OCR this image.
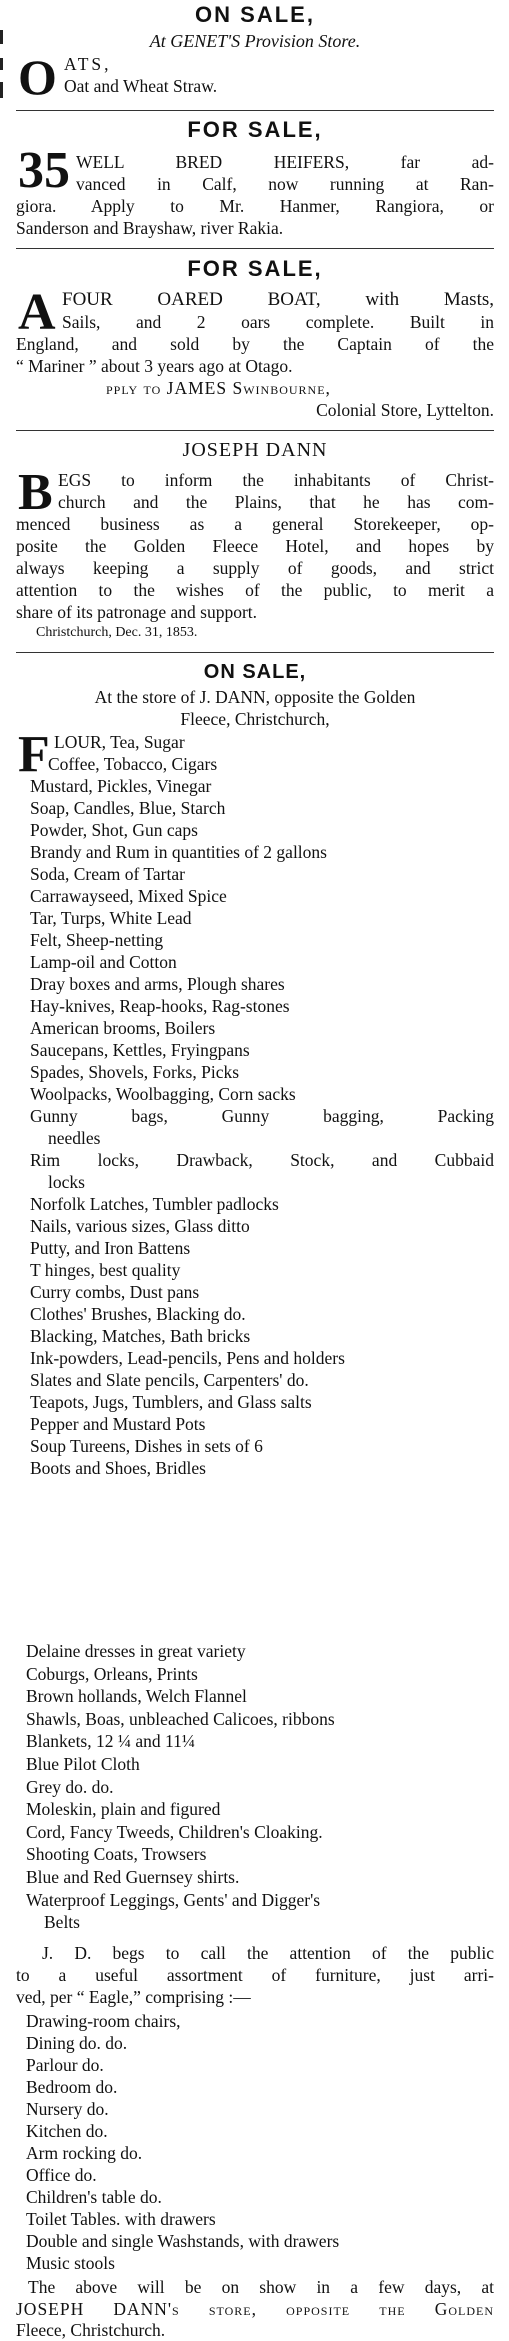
ON SALE,
At GENET'S Provision Store.
O ATS,
Oat and Wheat Straw.
FOR SALE,
35 WELL BRED HEIFERS, far ad-
vanced in Calf, now running at Ran-
giora. Apply to Mr. Hanmer, Rangiora, or
Sanderson and Brayshaw, river Rakia.
FOR SALE,
A FOUR OARED BOAT, with Masts,
Sails, and 2 oars complete. Built in
England, and sold by the Captain of the
“ Mariner ” about 3 years ago at Otago.
pply to JAMES Swinbourne,
Colonial Store, Lyttelton.
JOSEPH DANN
B EGS to inform the inhabitants of Christ-
church and the Plains, that he has com-
menced business as a general Storekeeper, op-
posite the Golden Fleece Hotel, and hopes by
always keeping a supply of goods, and strict
attention to the wishes of the public, to merit a
share of its patronage and support.
Christchurch, Dec. 31, 1853.
ON SALE,
At the store of J. DANN, opposite the Golden
Fleece, Christchurch,
F LOUR, Tea, Sugar
Coffee, Tobacco, Cigars
Mustard, Pickles, Vinegar
Soap, Candles, Blue, Starch
Powder, Shot, Gun caps
Brandy and Rum in quantities of 2 gallons
Soda, Cream of Tartar
Carrawayseed, Mixed Spice
Tar, Turps, White Lead
Felt, Sheep-netting
Lamp-oil and Cotton
Dray boxes and arms, Plough shares
Hay-knives, Reap-hooks, Rag-stones
American brooms, Boilers
Saucepans, Kettles, Fryingpans
Spades, Shovels, Forks, Picks
Woolpacks, Woolbagging, Corn sacks
Gunny bags, Gunny bagging, Packing
needles
Rim locks, Drawback, Stock, and Cubbaid
locks
Norfolk Latches, Tumbler padlocks
Nails, various sizes, Glass ditto
Putty, and Iron Battens
T hinges, best quality
Curry combs, Dust pans
Clothes' Brushes, Blacking do.
Blacking, Matches, Bath bricks
Ink-powders, Lead-pencils, Pens and holders
Slates and Slate pencils, Carpenters' do.
Teapots, Jugs, Tumblers, and Glass salts
Pepper and Mustard Pots
Soup Tureens, Dishes in sets of 6
Boots and Shoes, Bridles
Delaine dresses in great variety
Coburgs, Orleans, Prints
Brown hollands, Welch Flannel
Shawls, Boas, unbleached Calicoes, ribbons
Blankets, 12 ¼ and 11¼
Blue Pilot Cloth
Grey do. do.
Moleskin, plain and figured
Cord, Fancy Tweeds, Children's Cloaking.
Shooting Coats, Trowsers
Blue and Red Guernsey shirts.
Waterproof Leggings, Gents' and Digger's
Belts
J. D. begs to call the attention of the public
to a useful assortment of furniture, just arri-
ved, per “ Eagle,” comprising :—
Drawing-room chairs,
Dining do. do.
Parlour do.
Bedroom do.
Nursery do.
Kitchen do.
Arm rocking do.
Office do.
Children's table do.
Toilet Tables. with drawers
Double and single Washstands, with drawers
Music stools
The above will be on show in a few days, at
JOSEPH DANN's store, opposite the Golden
Fleece, Christchurch.
